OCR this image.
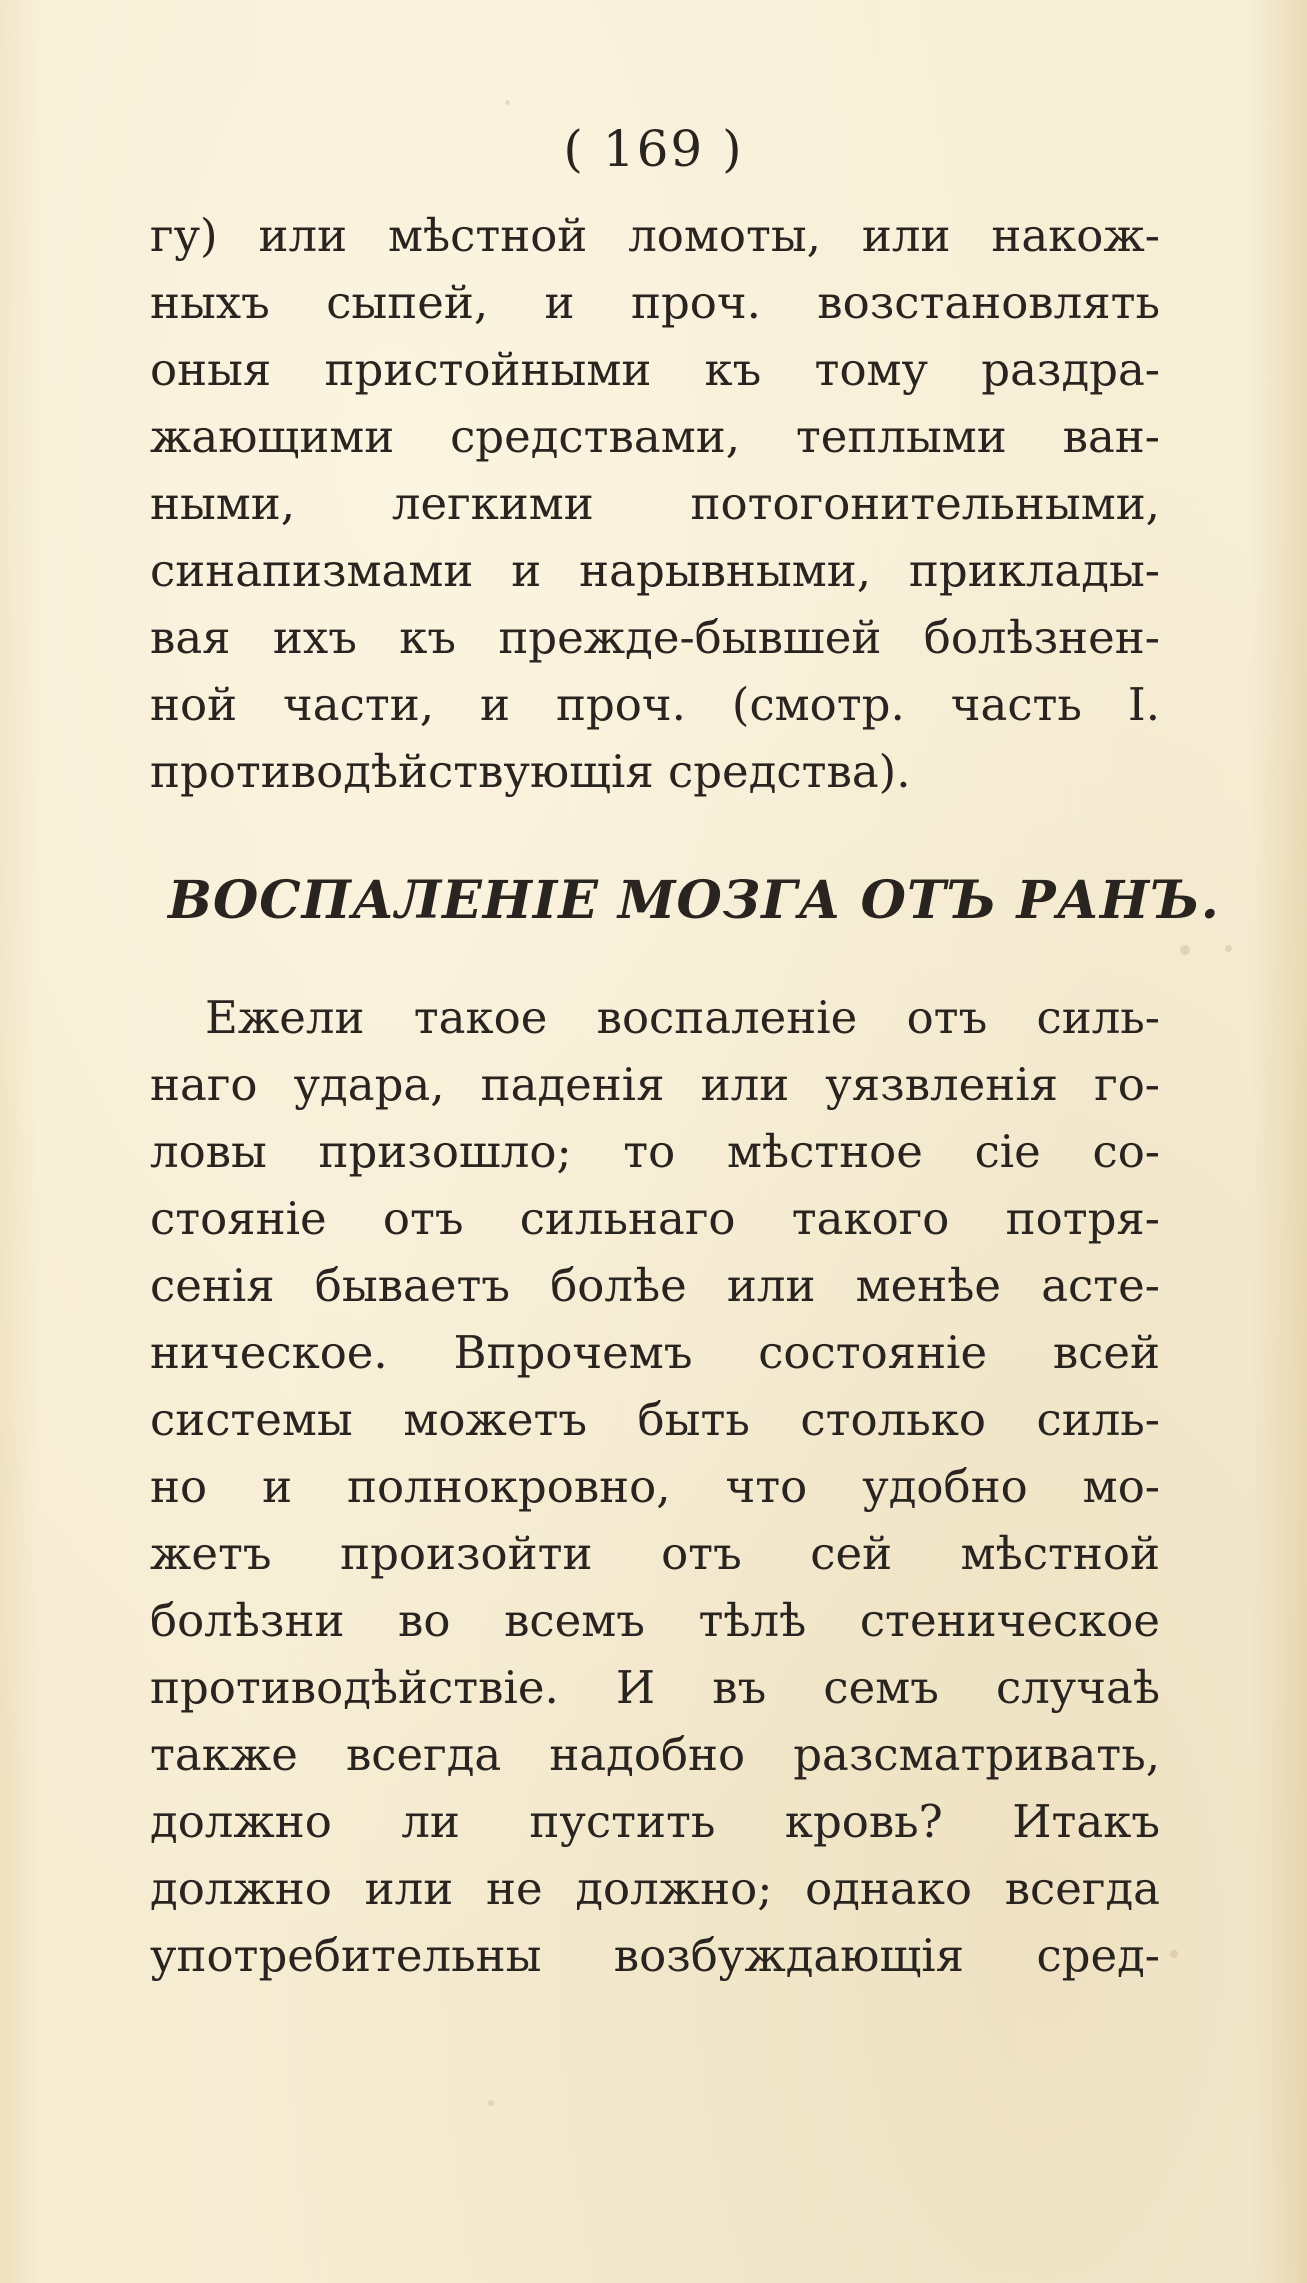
( 169 )
гу) или мѣстной ломоты, или накож-
ныхъ сыпей, и проч. возстановлять
оныя пристойными къ тому раздра-
жающими средствами, теплыми ван-
ными, легкими потогонительными,
синапизмами и нарывными, приклады-
вая ихъ къ прежде-бывшей болѣзнен-
ной части, и проч. (смотр. часть I.
противодѣйствующія средства).
ВОСПАЛЕНIЕ МОЗГА ОТЪ РАНЪ.
Ежели такое воспаленіе отъ силь-
наго удара, паденія или уязвленія го-
ловы призошло; то мѣстное сіе со-
стояніе отъ сильнаго такого потря-
сенія бываетъ болѣе или менѣе асте-
ническое. Впрочемъ состояніе всей
системы можетъ быть столько силь-
но и полнокровно, что удобно мо-
жетъ произойти отъ сей мѣстной
болѣзни во всемъ тѣлѣ стеническое
противодѣйствіе. И въ семъ случаѣ
также всегда надобно разсматривать,
должно ли пустить кровь? Итакъ
должно или не должно; однако всегда
употребительны возбуждающія сред-
